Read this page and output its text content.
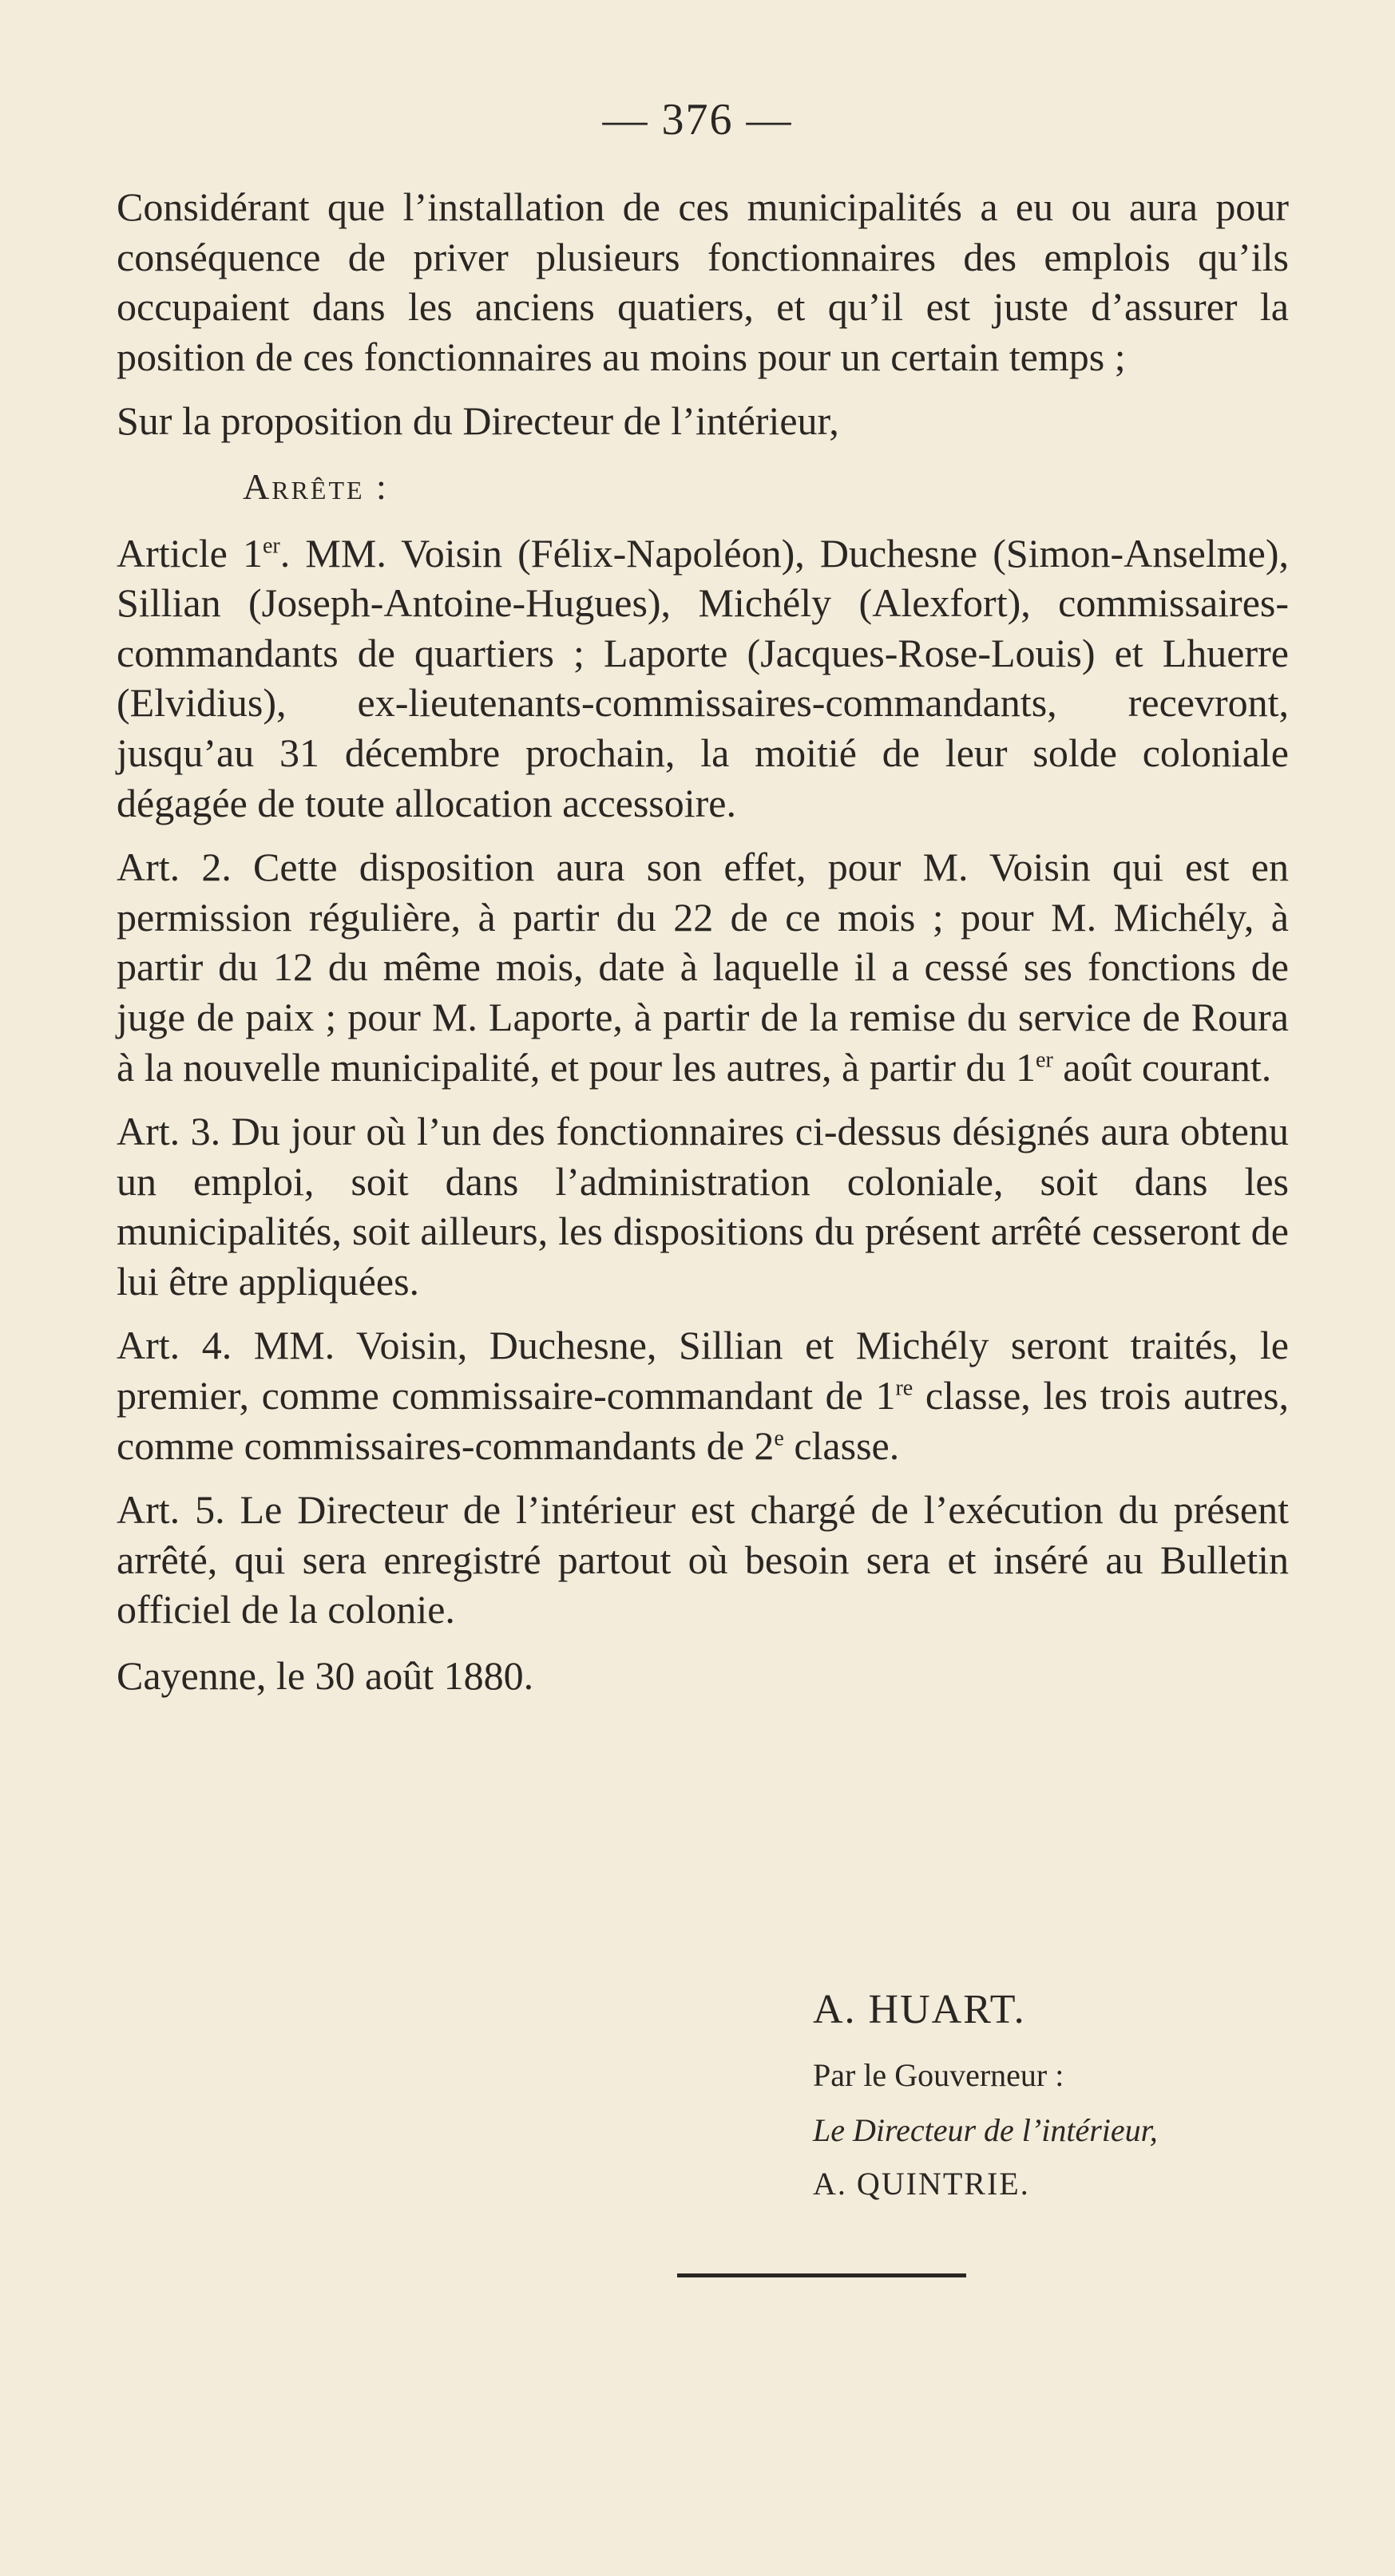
— 376 —

Considérant que l’installation de ces municipalités a eu ou aura pour conséquence de priver plusieurs fonctionnaires des emplois qu’ils occupaient dans les anciens quatiers, et qu’il est juste d’assurer la position de ces fonctionnaires au moins pour un certain temps ;

Sur la proposition du Directeur de l’intérieur,

Arrête :

Article 1er. MM. Voisin (Félix-Napoléon), Duchesne (Simon-Anselme), Sillian (Joseph-Antoine-Hugues), Michély (Alexfort), commissaires-commandants de quartiers ; Laporte (Jacques-Rose-Louis) et Lhuerre (Elvidius), ex-lieutenants-commissaires-commandants, recevront, jusqu’au 31 décembre prochain, la moitié de leur solde coloniale dégagée de toute allocation accessoire.

Art. 2. Cette disposition aura son effet, pour M. Voisin qui est en permission régulière, à partir du 22 de ce mois ; pour M. Michély, à partir du 12 du même mois, date à laquelle il a cessé ses fonctions de juge de paix ; pour M. Laporte, à partir de la remise du service de Roura à la nouvelle municipalité, et pour les autres, à partir du 1er août courant.

Art. 3. Du jour où l’un des fonctionnaires ci-dessus désignés aura obtenu un emploi, soit dans l’administration coloniale, soit dans les municipalités, soit ailleurs, les dispositions du présent arrêté cesseront de lui être appliquées.

Art. 4. MM. Voisin, Duchesne, Sillian et Michély seront traités, le premier, comme commissaire-commandant de 1re classe, les trois autres, comme commissaires-commandants de 2e classe.

Art. 5. Le Directeur de l’intérieur est chargé de l’exécution du présent arrêté, qui sera enregistré partout où besoin sera et inséré au Bulletin officiel de la colonie.

Cayenne, le 30 août 1880.

A. HUART.
Par le Gouverneur :
Le Directeur de l’intérieur,
A. QUINTRIE.
